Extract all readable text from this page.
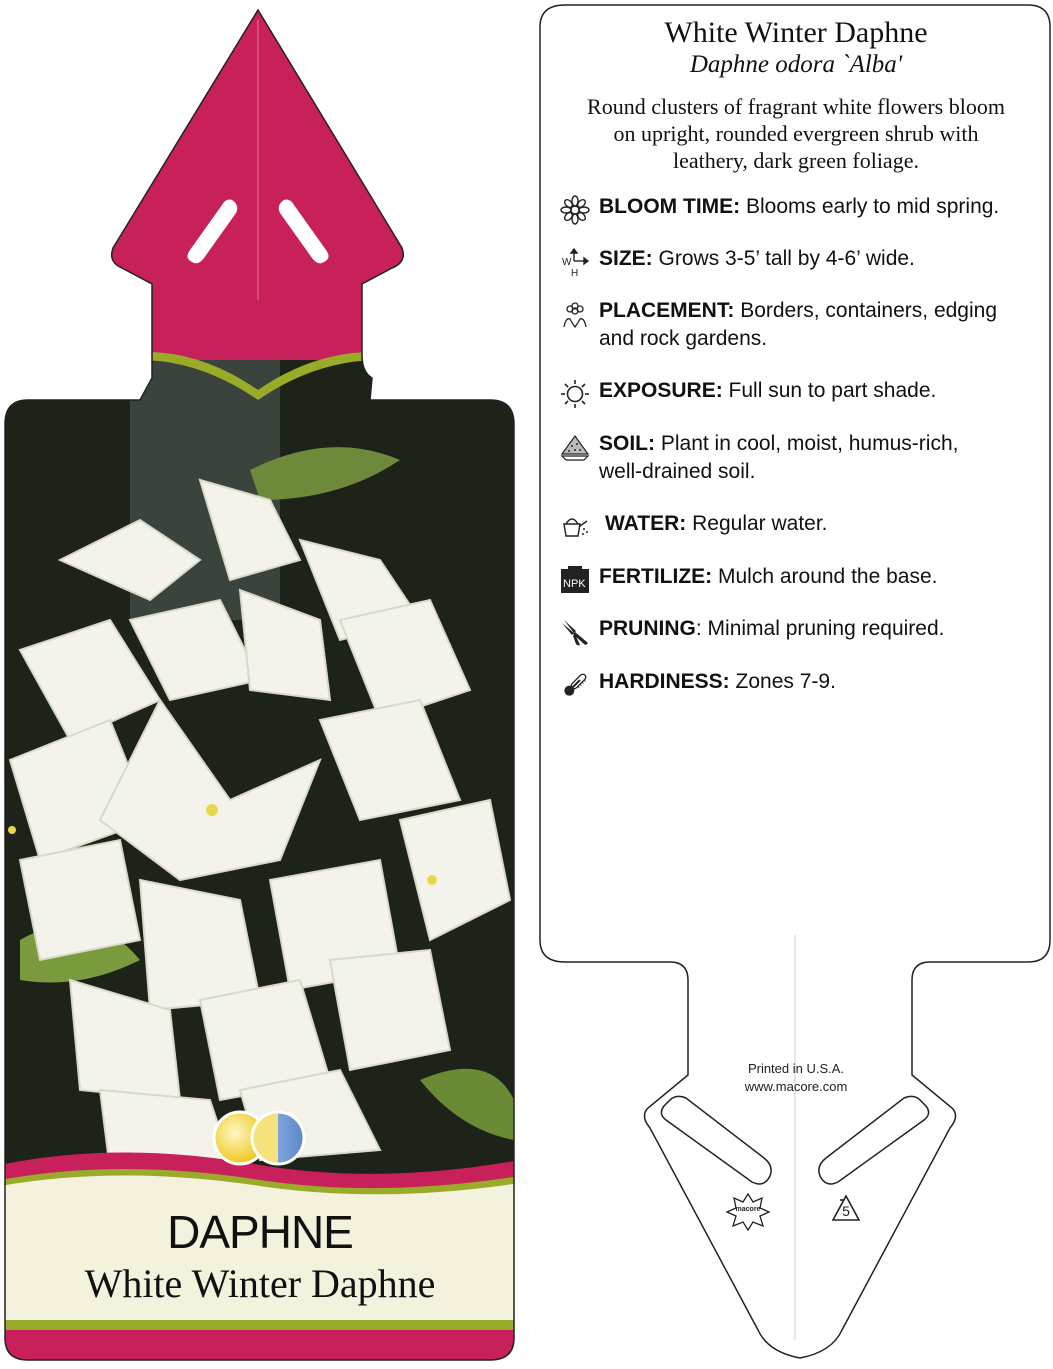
DAPHNE
White Winter Daphne
White Winter Daphne
Daphne odora `Alba'
Round clusters of fragrant white flowers bloom
on upright, rounded evergreen shrub with
leathery, dark green foliage.
BLOOM TIME: Blooms early to mid spring.
W
H
SIZE: Grows 3-5’ tall by 4-6’ wide.
PLACEMENT: Borders, containers, edging
and rock gardens.
EXPOSURE: Full sun to part shade.
SOIL: Plant in cool, moist, humus-rich,
well-drained soil.
WATER: Regular water.
NPK FERTILIZE: Mulch around the base.
PRUNING: Minimal pruning required.
HARDINESS: Zones 7-9.
Printed in U.S.A.
www.macore.com
macore	5
